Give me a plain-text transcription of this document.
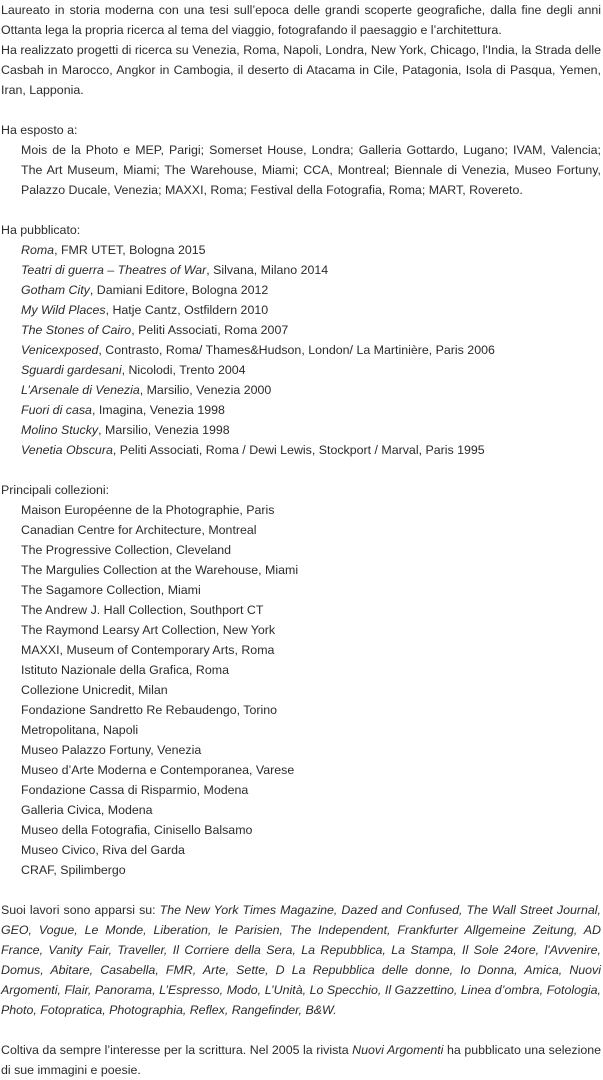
Laureato in storia moderna con una tesi sull’epoca delle grandi scoperte geografiche, dalla fine degli anni Ottanta lega la propria ricerca al tema del viaggio, fotografando il paesaggio e l’architettura.

Ha realizzato progetti di ricerca su Venezia, Roma, Napoli, Londra, New York, Chicago, l'India, la Strada delle Casbah in Marocco, Angkor in Cambogia, il deserto di Atacama in Cile, Patagonia, Isola di Pasqua, Yemen, Iran, Lapponia.

Ha esposto a:

Mois de la Photo e MEP, Parigi; Somerset House, Londra; Galleria Gottardo, Lugano; IVAM, Valencia; The Art Museum, Miami; The Warehouse, Miami; CCA, Montreal; Biennale di Venezia, Museo Fortuny, Palazzo Ducale, Venezia; MAXXI, Roma; Festival della Fotografia, Roma; MART, Rovereto.

Ha pubblicato:

Roma, FMR UTET, Bologna 2015
Teatri di guerra – Theatres of War, Silvana, Milano 2014
Gotham City, Damiani Editore, Bologna 2012
My Wild Places, Hatje Cantz, Ostfildern 2010
The Stones of Cairo, Peliti Associati, Roma 2007
Venicexposed, Contrasto, Roma/ Thames&Hudson, London/ La Martinière, Paris 2006
Sguardi gardesani, Nicolodi, Trento 2004
L’Arsenale di Venezia, Marsilio, Venezia 2000
Fuori di casa, Imagina, Venezia 1998
Molino Stucky, Marsilio, Venezia 1998
Venetia Obscura, Peliti Associati, Roma / Dewi Lewis, Stockport / Marval, Paris 1995

Principali collezioni:

Maison Européenne de la Photographie, Paris
Canadian Centre for Architecture, Montreal
The Progressive Collection, Cleveland
The Margulies Collection at the Warehouse, Miami
The Sagamore Collection, Miami
The Andrew J. Hall Collection, Southport CT
The Raymond Learsy Art Collection, New York
MAXXI, Museum of Contemporary Arts, Roma
Istituto Nazionale della Grafica, Roma
Collezione Unicredit, Milan
Fondazione Sandretto Re Rebaudengo, Torino
Metropolitana, Napoli
Museo Palazzo Fortuny, Venezia
Museo d’Arte Moderna e Contemporanea, Varese
Fondazione Cassa di Risparmio, Modena
Galleria Civica, Modena
Museo della Fotografia, Cinisello Balsamo
Museo Civico, Riva del Garda
CRAF, Spilimbergo

Suoi lavori sono apparsi su: The New York Times Magazine, Dazed and Confused, The Wall Street Journal, GEO, Vogue, Le Monde, Liberation, le Parisien, The Independent, Frankfurter Allgemeine Zeitung, AD France, Vanity Fair, Traveller, Il Corriere della Sera, La Repubblica, La Stampa, Il Sole 24ore, l'Avvenire, Domus, Abitare, Casabella, FMR, Arte, Sette, D La Repubblica delle donne, Io Donna, Amica, Nuovi Argomenti, Flair, Panorama, L’Espresso, Modo, L’Unità, Lo Specchio, Il Gazzettino, Linea d’ombra, Fotologia, Photo, Fotopratica, Photographia, Reflex, Rangefinder, B&W.

Coltiva da sempre l’interesse per la scrittura. Nel 2005 la rivista Nuovi Argomenti ha pubblicato una selezione di sue immagini e poesie.
